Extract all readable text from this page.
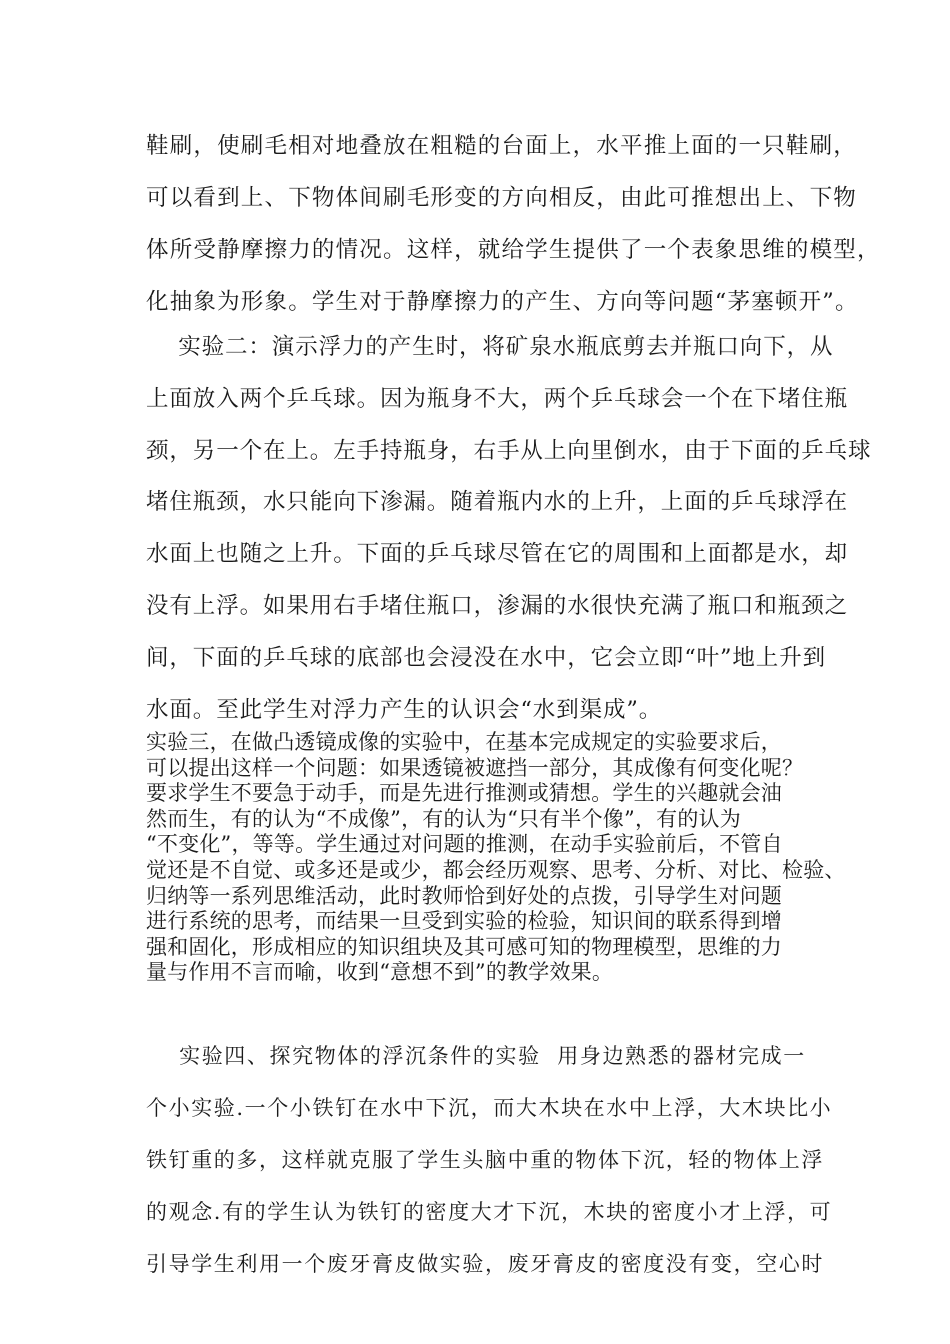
鞋刷，使刷毛相对地叠放在粗糙的台面上，水平推上面的一只鞋刷，
可以看到上、下物体间刷毛形变的方向相反，由此可推想出上、下物
体所受静摩擦力的情况。这样，就给学生提供了一个表象思维的模型，
化抽象为形象。学生对于静摩擦力的产生、方向等问题“茅塞顿开”。
实验二：演示浮力的产生时，将矿泉水瓶底剪去并瓶口向下，从
上面放入两个乒乓球。因为瓶身不大，两个乒乓球会一个在下堵住瓶
颈，另一个在上。左手持瓶身，右手从上向里倒水，由于下面的乒乓球
堵住瓶颈，水只能向下渗漏。随着瓶内水的上升，上面的乒乓球浮在
水面上也随之上升。下面的乒乓球尽管在它的周围和上面都是水，却
没有上浮。如果用右手堵住瓶口，渗漏的水很快充满了瓶口和瓶颈之
间，下面的乒乓球的底部也会浸没在水中，它会立即“叶”地上升到
水面。至此学生对浮力产生的认识会“水到渠成”。
实验三，在做凸透镜成像的实验中，在基本完成规定的实验要求后，
可以提出这样一个问题：如果透镜被遮挡一部分，其成像有何变化呢？
要求学生不要急于动手，而是先进行推测或猜想。学生的兴趣就会油
然而生，有的认为“不成像”，有的认为“只有半个像”，有的认为
“不变化”，等等。学生通过对问题的推测，在动手实验前后，不管自
觉还是不自觉、或多还是或少，都会经历观察、思考、分析、对比、检验、
归纳等一系列思维活动，此时教师恰到好处的点拨，引导学生对问题
进行系统的思考，而结果一旦受到实验的检验，知识间的联系得到增
强和固化，形成相应的知识组块及其可感可知的物理模型，思维的力
量与作用不言而喻，收到“意想不到”的教学效果。
实验四、探究物体的浮沉条件的实验  用身边熟悉的器材完成一
个小实验.一个小铁钉在水中下沉，而大木块在水中上浮，大木块比小
铁钉重的多，这样就克服了学生头脑中重的物体下沉，轻的物体上浮
的观念.有的学生认为铁钉的密度大才下沉，木块的密度小才上浮，可
引导学生利用一个废牙膏皮做实验，废牙膏皮的密度没有变，空心时
